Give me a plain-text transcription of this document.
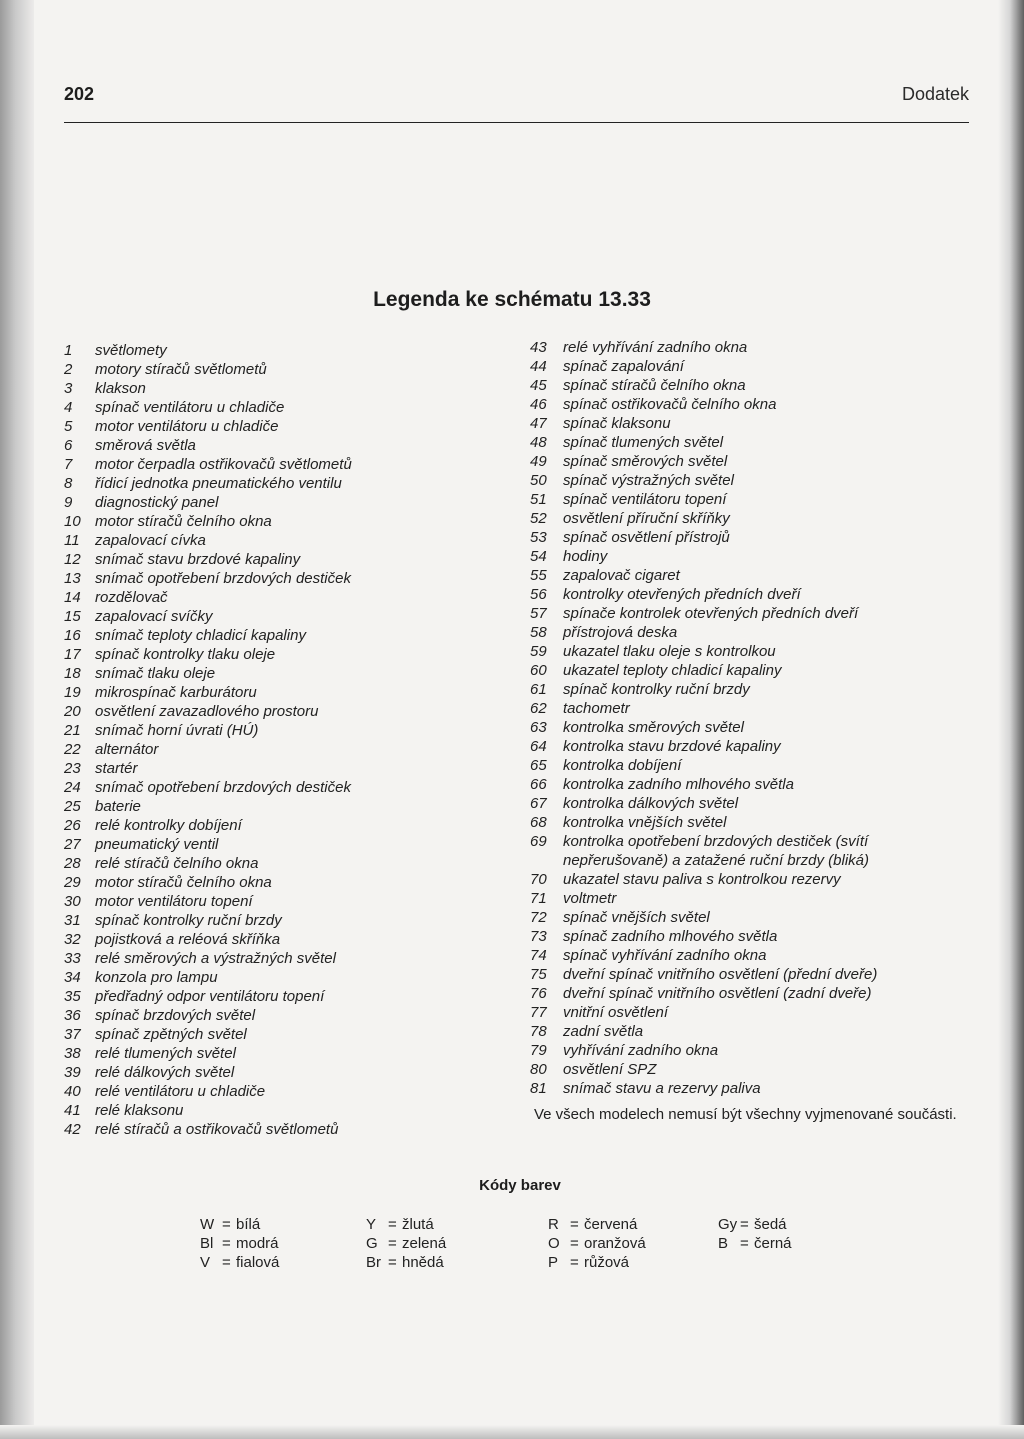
202	Dodatek
Legenda ke schématu 13.33
1	světlomety
2	motory stíračů světlometů
3	klakson
4	spínač ventilátoru u chladiče
5	motor ventilátoru u chladiče
6	směrová světla
7	motor čerpadla ostřikovačů světlometů
8	řídicí jednotka pneumatického ventilu
9	diagnostický panel
10 motor stíračů čelního okna
11	zapalovací cívka
12 snímač stavu brzdové kapaliny
13 snímač opotřebení brzdových destiček
14 rozdělovač
15 zapalovací svíčky
16 snímač teploty chladicí kapaliny
17 spínač kontrolky tlaku oleje
18 snímač tlaku oleje
19 mikrospínač karburátoru
20 osvětlení zavazadlového prostoru
21 snímač horní úvrati (HÚ)
22 alternátor
23 startér
24 snímač opotřebení brzdových destiček
25 baterie
26 relé kontrolky dobíjení
27 pneumatický ventil
28 relé stíračů čelního okna
29 motor stíračů čelního okna
30 motor ventilátoru topení
31 spínač kontrolky ruční brzdy
32 pojistková a reléová skříňka
33 relé směrových a výstražných světel
34 konzola pro lampu
35 předřadný odpor ventilátoru topení
36 spínač brzdových světel
37 spínač zpětných světel
38 relé tlumených světel
39 relé dálkových světel
40 relé ventilátoru u chladiče
41 relé klaksonu
42 relé stíračů a ostřikovačů světlometů
43	relé vyhřívání zadního okna
44	spínač zapalování
45	spínač stíračů čelního okna
46	spínač ostřikovačů čelního okna
47	spínač klaksonu
48	spínač tlumených světel
49	spínač směrových světel
50	spínač výstražných světel
51	spínač ventilátoru topení
52	osvětlení příruční skříňky
53	spínač osvětlení přístrojů
54	hodiny
55	zapalovač cigaret
56	kontrolky otevřených předních dveří
57	spínače kontrolek otevřených předních dveří
58	přístrojová deska
59	ukazatel tlaku oleje s kontrolkou
60	ukazatel teploty chladicí kapaliny
61	spínač kontrolky ruční brzdy
62	tachometr
63	kontrolka směrových světel
64	kontrolka stavu brzdové kapaliny
65	kontrolka dobíjení
66	kontrolka zadního mlhového světla
67	kontrolka dálkových světel
68	kontrolka vnějších světel
69	kontrolka opotřebení brzdových destiček (svítí
nepřerušovaně) a zatažené ruční brzdy (bliká)
70	ukazatel stavu paliva s kontrolkou rezervy
71	voltmetr
72	spínač vnějších světel
73	spínač zadního mlhového světla
74	spínač vyhřívání zadního okna
75	dveřní spínač vnitřního osvětlení (přední dveře)
76	dveřní spínač vnitřního osvětlení (zadní dveře)
77	vnitřní osvětlení
78	zadní světla
79	vyhřívání zadního okna
80	osvětlení SPZ
81	snímač stavu a rezervy paliva
Ve všech modelech nemusí být všechny vyjmenované součásti.
Kódy barev
W = bílá
Bl = modrá
V = fialová
Y = žlutá
G = zelená
Br = hnědá
R = červená
O = oranžová
P = růžová
Gy = šedá
B = černá
